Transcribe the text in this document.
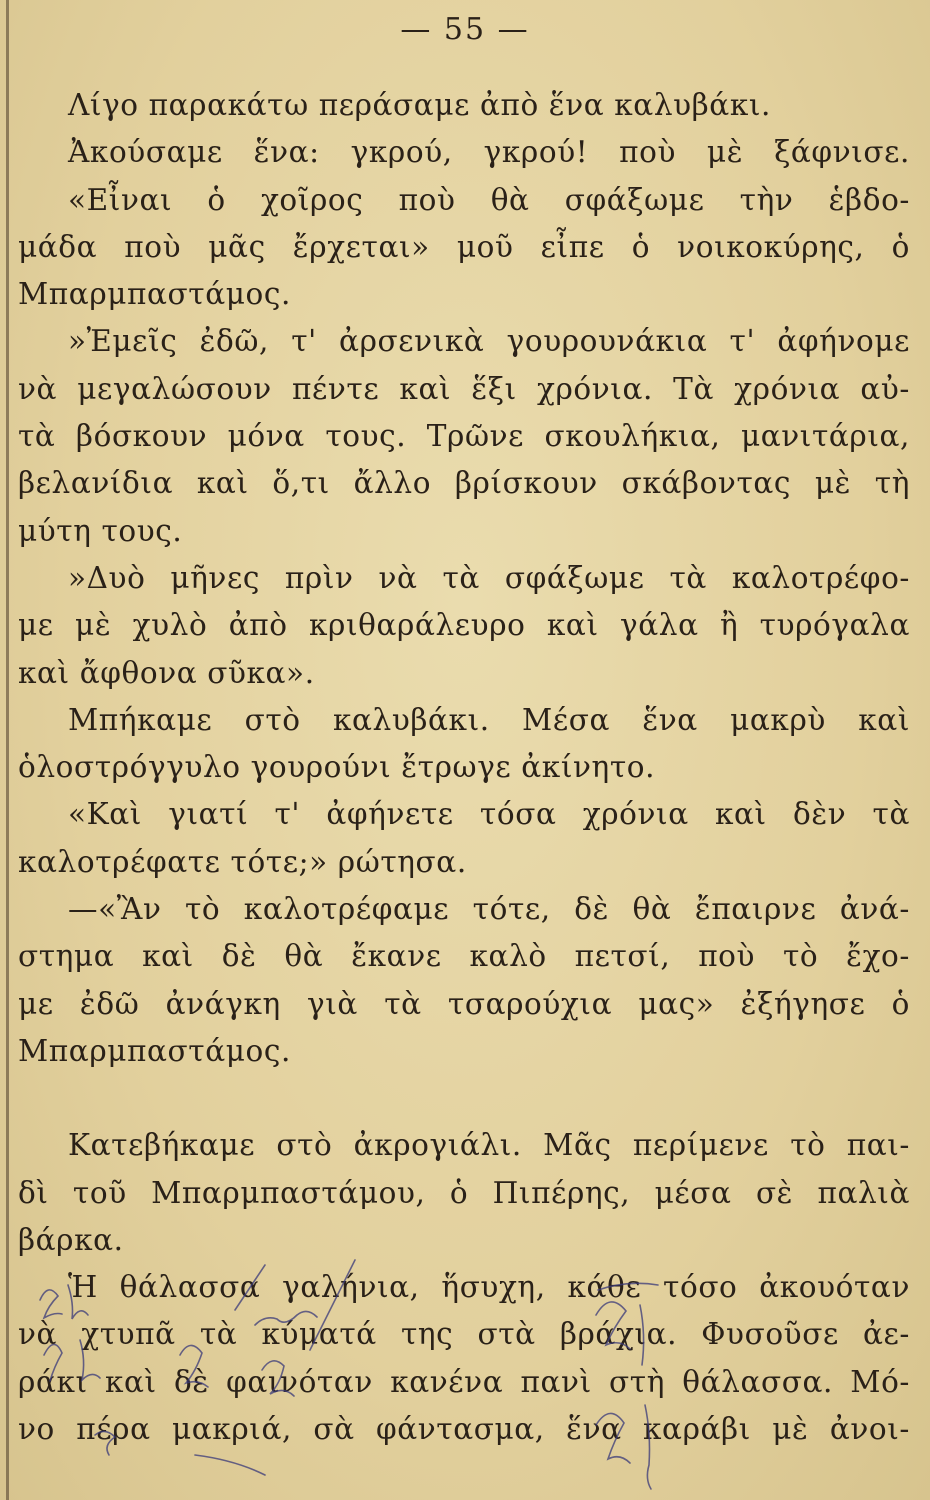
— 55 —
Λίγο παρακάτω περάσαμε ἀπὸ ἕνα καλυβάκι.
Ἀκούσαμε ἕνα: γκρού, γκρού! ποὺ μὲ ξάφνισε.
«Εἶναι ὁ χοῖρος ποὺ θὰ σφάξωμε τὴν ἑβδο-
μάδα ποὺ μᾶς ἔρχεται» μοῦ εἶπε ὁ νοικοκύρης, ὁ
Μπαρμπαστάμος.
»Ἐμεῖς ἐδῶ, τ' ἀρσενικὰ γουρουνάκια τ' ἀφήνομε
νὰ μεγαλώσουν πέντε καὶ ἕξι χρόνια. Τὰ χρόνια αὐ-
τὰ βόσκουν μόνα τους. Τρῶνε σκουλήκια, μανιτάρια,
βελανίδια καὶ ὅ,τι ἄλλο βρίσκουν σκάβοντας μὲ τὴ
μύτη τους.
»Δυὸ μῆνες πρὶν νὰ τὰ σφάξωμε τὰ καλοτρέφο-
με μὲ χυλὸ ἀπὸ κριθαράλευρο καὶ γάλα ἢ τυρόγαλα
καὶ ἄφθονα σῦκα».
Μπήκαμε στὸ καλυβάκι. Μέσα ἕνα μακρὺ καὶ
ὁλοστρόγγυλο γουρούνι ἔτρωγε ἀκίνητο.
«Καὶ γιατί τ' ἀφήνετε τόσα χρόνια καὶ δὲν τὰ
καλοτρέφατε τότε;» ρώτησα.
—«Ἂν τὸ καλοτρέφαμε τότε, δὲ θὰ ἔπαιρνε ἀνά-
στημα καὶ δὲ θὰ ἔκανε καλὸ πετσί, ποὺ τὸ ἔχο-
με ἐδῶ ἀνάγκη γιὰ τὰ τσαρούχια μας» ἐξήγησε ὁ
Μπαρμπαστάμος.
Κατεβήκαμε στὸ ἀκρογιάλι. Μᾶς περίμενε τὸ παι-
δὶ τοῦ Μπαρμπαστάμου, ὁ Πιπέρης, μέσα σὲ παλιὰ
βάρκα.
Ἡ θάλασσα γαλήνια, ἥσυχη, κάθε τόσο ἀκουόταν
νὰ χτυπᾶ τὰ κύματά της στὰ βράχια. Φυσοῦσε ἀε-
ράκι καὶ δὲ φαινόταν κανένα πανὶ στὴ θάλασσα. Μό-
νο πέρα μακριά, σὰ φάντασμα, ἕνα καράβι μὲ ἀνοι-
